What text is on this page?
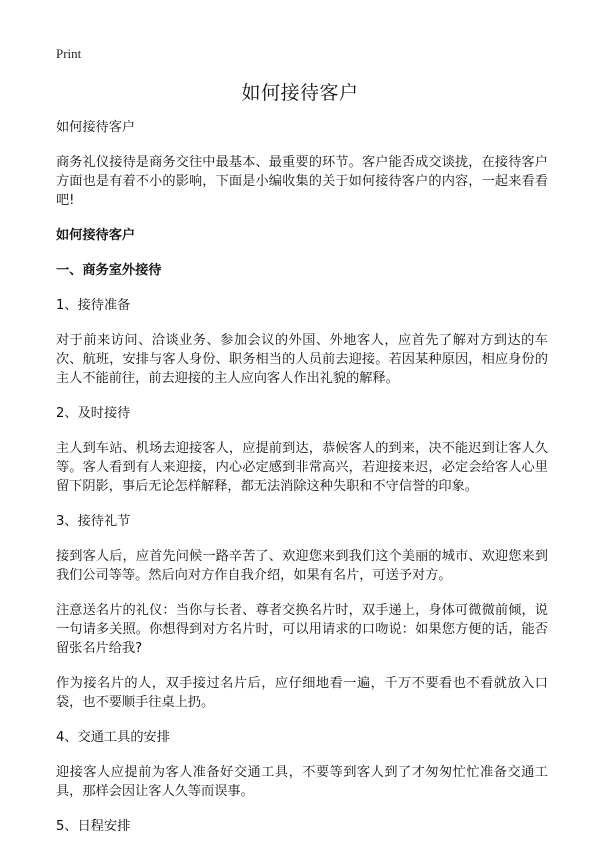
Print
如何接待客户

如何接待客户

商务礼仪接待是商务交往中最基本、最重要的环节。客户能否成交谈拢，在接待客户方面也是有着不小的影响，下面是小编收集的关于如何接待客户的内容，一起来看看吧!

如何接待客户

一、商务室外接待

1、接待准备

对于前来访问、洽谈业务、参加会议的外国、外地客人，应首先了解对方到达的车次、航班，安排与客人身份、职务相当的人员前去迎接。若因某种原因，相应身份的主人不能前往，前去迎接的主人应向客人作出礼貌的解释。

2、及时接待

主人到车站、机场去迎接客人，应提前到达，恭候客人的到来，决不能迟到让客人久等。客人看到有人来迎接，内心必定感到非常高兴，若迎接来迟，必定会给客人心里留下阴影，事后无论怎样解释，都无法消除这种失职和不守信誉的印象。

3、接待礼节

接到客人后，应首先问候一路辛苦了、欢迎您来到我们这个美丽的城市、欢迎您来到我们公司等等。然后向对方作自我介绍，如果有名片，可送予对方。

注意送名片的礼仪：当你与长者、尊者交换名片时，双手递上，身体可微微前倾，说一句请多关照。你想得到对方名片时，可以用请求的口吻说：如果您方便的话，能否留张名片给我?

作为接名片的人，双手接过名片后，应仔细地看一遍，千万不要看也不看就放入口袋，也不要顺手往桌上扔。

4、交通工具的安排

迎接客人应提前为客人准备好交通工具，不要等到客人到了才匆匆忙忙准备交通工具，那样会因让客人久等而误事。

5、日程安排
